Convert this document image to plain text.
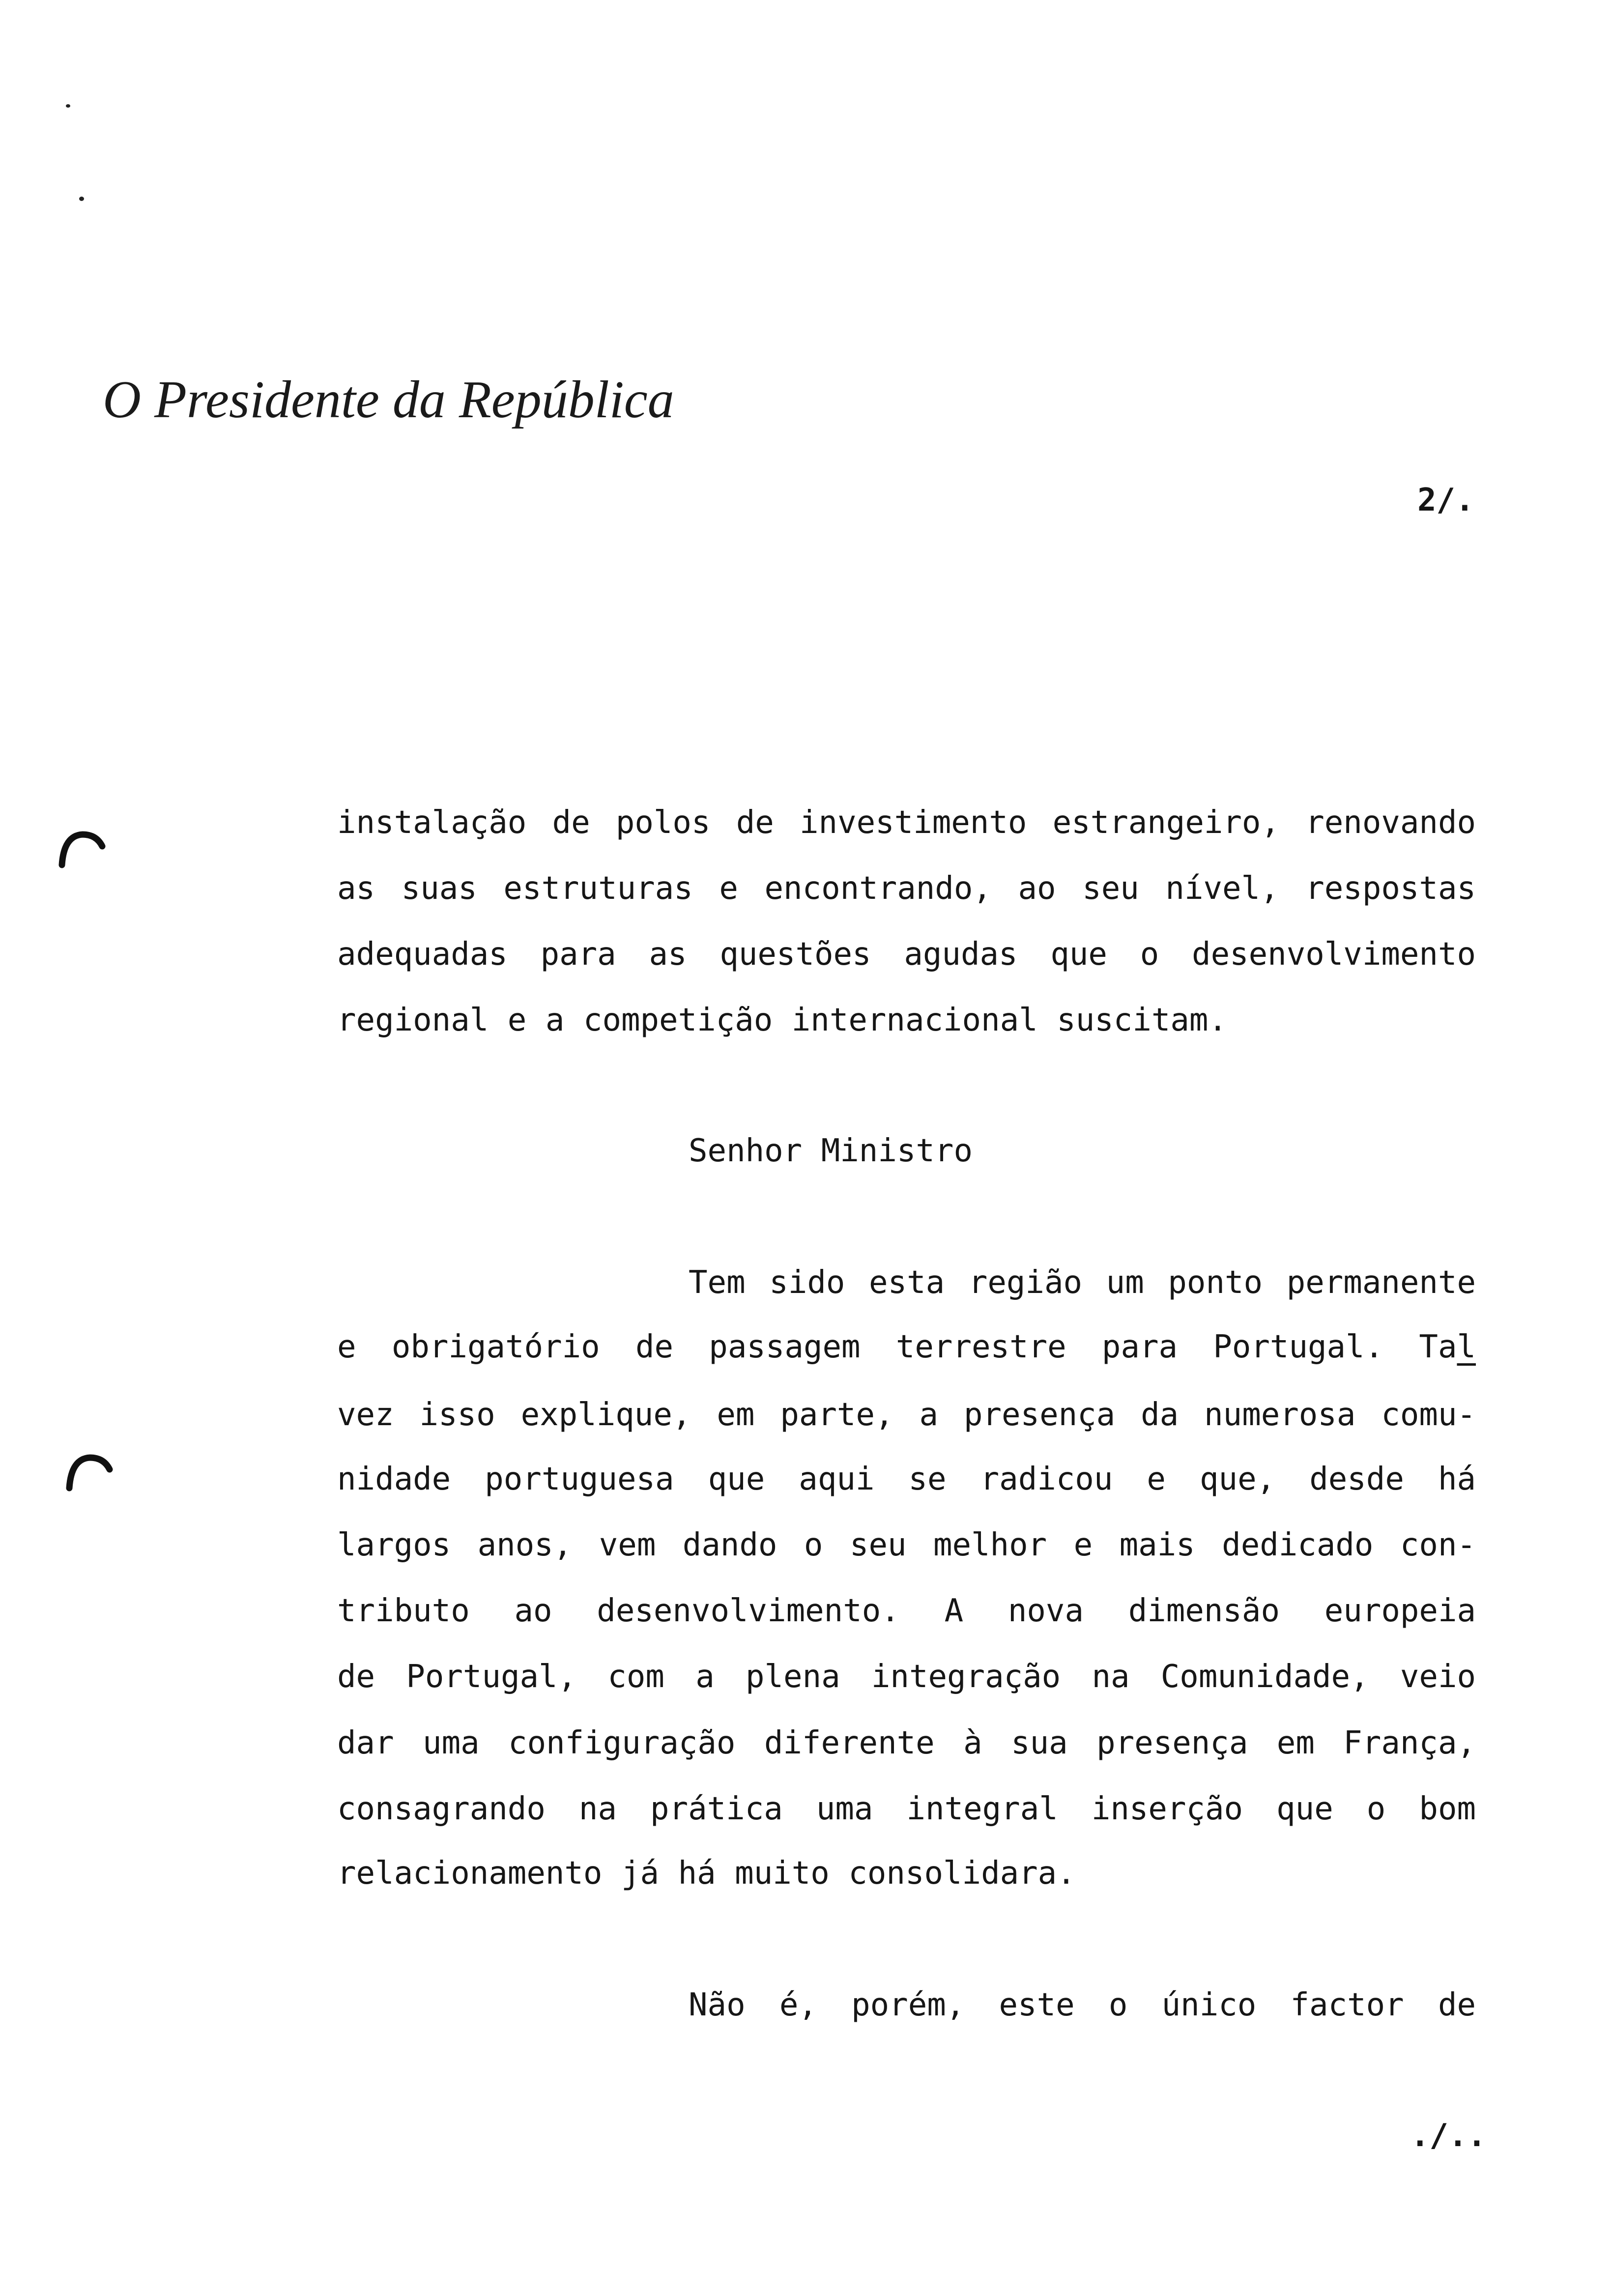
O Presidente da República
2/.
instalação de polos de investimento estrangeiro, renovando
as suas estruturas e encontrando, ao seu nível, respostas
adequadas para as questões agudas que o desenvolvimento
regional e a competição internacional suscitam.
Senhor Ministro
Tem sido esta região um ponto permanente
e obrigatório de passagem terrestre para Portugal. Tal
vez isso explique, em parte, a presença da numerosa comu-
nidade portuguesa que aqui se radicou e que, desde há
largos anos, vem dando o seu melhor e mais dedicado con-
tributo ao desenvolvimento. A nova dimensão europeia
de Portugal, com a plena integração na Comunidade, veio
dar uma configuração diferente à sua presença em França,
consagrando na prática uma integral inserção que o bom
relacionamento já há muito consolidara.
Não é, porém, este o único factor de
./..
